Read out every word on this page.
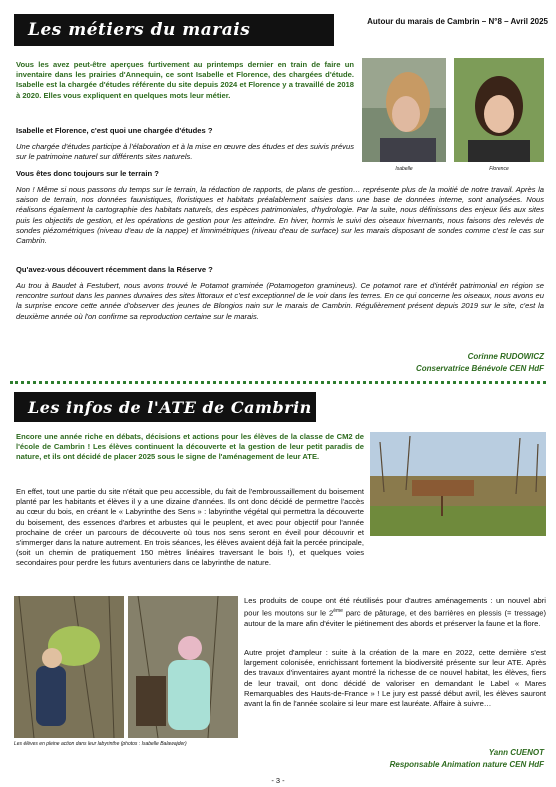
Les métiers du marais	Autour du marais de Cambrin – N°8 – Avril 2025

Vous les avez peut-être aperçues furtivement au printemps dernier en train de faire un inventaire dans les prairies d'Annequin, ce sont Isabelle et Florence, des chargées d'étude. Isabelle est la chargée d'études référente du site depuis 2024 et Florence y a travaillé de 2018 à 2020. Elles vous expliquent en quelques mots leur métier.

Isabelle	Florence

Isabelle et Florence, c'est quoi une chargée d'études ?

Une chargée d'études participe à l'élaboration et à la mise en œuvre des études et des suivis prévus sur le patrimoine naturel sur différents sites naturels.

Vous êtes donc toujours sur le terrain ?

Non ! Même si nous passons du temps sur le terrain, la rédaction de rapports, de plans de gestion… représente plus de la moitié de notre travail. Après la saison de terrain, nos données faunistiques, floristiques et habitats préalablement saisies dans une base de données interne, sont analysées. Nous réalisons également la cartographie des habitats naturels, des espèces patrimoniales, d'hydrologie. Par la suite, nous définissons des enjeux liés aux sites puis les objectifs de gestion, et les opérations de gestion pour les atteindre. En hiver, hormis le suivi des oiseaux hivernants, nous faisons des relevés de sondes piézométriques (niveau d'eau de la nappe) et limnimétriques (niveau d'eau de surface) sur les marais disposant de sondes comme c'est le cas sur Cambrin.

Qu'avez-vous découvert récemment dans la Réserve ?

Au trou à Baudet à Festubert, nous avons trouvé le Potamot graminée (Potamogeton gramineus). Ce potamot rare et d'intérêt patrimonial en région se rencontre surtout dans les pannes dunaires des sites littoraux et c'est exceptionnel de le voir dans les terres. En ce qui concerne les oiseaux, nous avons eu la surprise encore cette année d'observer des jeunes de Blongios nain sur le marais de Cambrin. Régulièrement présent depuis 2019 sur le site, c'est la deuxième année où l'on confirme sa reproduction certaine sur le marais.

Corinne RUDOWICZ
Conservatrice Bénévole CEN HdF
Les infos de l'ATE de Cambrin

Encore une année riche en débats, décisions et actions pour les élèves de la classe de CM2 de l'école de Cambrin ! Les élèves continuent la découverte et la gestion de leur petit paradis de nature, et ils ont décidé de placer 2025 sous le signe de l'aménagement de leur ATE.

En effet, tout une partie du site n'était que peu accessible, du fait de l'embroussaillement du boisement planté par les habitants et élèves il y a une dizaine d'années. Ils ont donc décidé de permettre l'accès au cœur du bois, en créant le « Labyrinthe des Sens » : labyrinthe végétal qui permettra la découverte du boisement, des essences d'arbres et arbustes qui le peuplent, et avec pour objectif pour l'année prochaine de créer un parcours de découverte où tous nos sens seront en éveil pour découvrir et s'immerger dans la nature autrement. En trois séances, les élèves avaient déjà fait la percée principale, (soit un chemin de pratiquement 150 mètres linéaires traversant le bois !), et quelques voies secondaires pour perdre les futurs aventuriers dans ce labyrinthe de nature.

Les élèves en pleine action dans leur labyrinthe (photos : Isabelle Balawajder)

Les produits de coupe ont été réutilisés pour d'autres aménagements : un nouvel abri pour les moutons sur le 2ème parc de pâturage, et des barrières en plessis (= tressage) autour de la mare afin d'éviter le piétinement des abords et préserver la faune et la flore.

Autre projet d'ampleur : suite à la création de la mare en 2022, cette dernière s'est largement colonisée, enrichissant fortement la biodiversité présente sur leur ATE. Après des travaux d'inventaires ayant montré la richesse de ce nouvel habitat, les élèves, fiers de leur travail, ont donc décidé de valoriser en demandant le Label « Mares Remarquables des Hauts-de-France » ! Le jury est passé début avril, les élèves sauront avant la fin de l'année scolaire si leur mare est lauréate. Affaire à suivre…

Yann CUENOT
Responsable Animation nature CEN HdF
- 3 -
